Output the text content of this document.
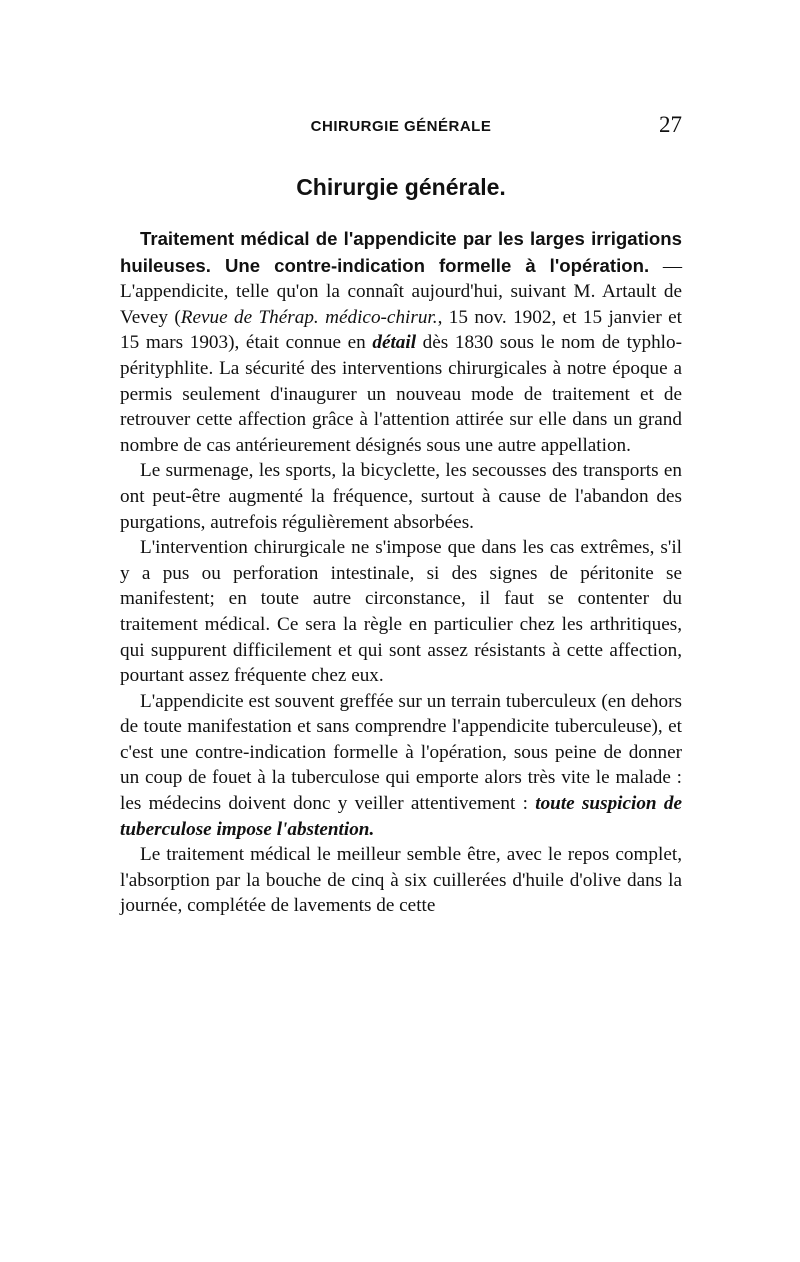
CHIRURGIE GÉNÉRALE	27
Chirurgie générale.

Traitement médical de l'appendicite par les larges irrigations huileuses. Une contre-indication formelle à l'opération. — L'appendicite, telle qu'on la connaît aujourd'hui, suivant M. Artault de Vevey (Revue de Thérap. médico-chirur., 15 nov. 1902, et 15 janvier et 15 mars 1903), était connue en détail dès 1830 sous le nom de typhlo-pérityphlite. La sécurité des interventions chirurgicales à notre époque a permis seulement d'inaugurer un nouveau mode de traitement et de retrouver cette affection grâce à l'attention attirée sur elle dans un grand nombre de cas antérieurement désignés sous une autre appellation.

Le surmenage, les sports, la bicyclette, les secousses des transports en ont peut-être augmenté la fréquence, surtout à cause de l'abandon des purgations, autrefois régulièrement absorbées.

L'intervention chirurgicale ne s'impose que dans les cas extrêmes, s'il y a pus ou perforation intestinale, si des signes de péritonite se manifestent; en toute autre circonstance, il faut se contenter du traitement médical. Ce sera la règle en particulier chez les arthritiques, qui suppurent difficilement et qui sont assez résistants à cette affection, pourtant assez fréquente chez eux.

L'appendicite est souvent greffée sur un terrain tuberculeux (en dehors de toute manifestation et sans comprendre l'appendicite tuberculeuse), et c'est une contre-indication formelle à l'opération, sous peine de donner un coup de fouet à la tuberculose qui emporte alors très vite le malade : les médecins doivent donc y veiller attentivement : toute suspicion de tuberculose impose l'abstention.

Le traitement médical le meilleur semble être, avec le repos complet, l'absorption par la bouche de cinq à six cuillerées d'huile d'olive dans la journée, complétée de lavements de cette
